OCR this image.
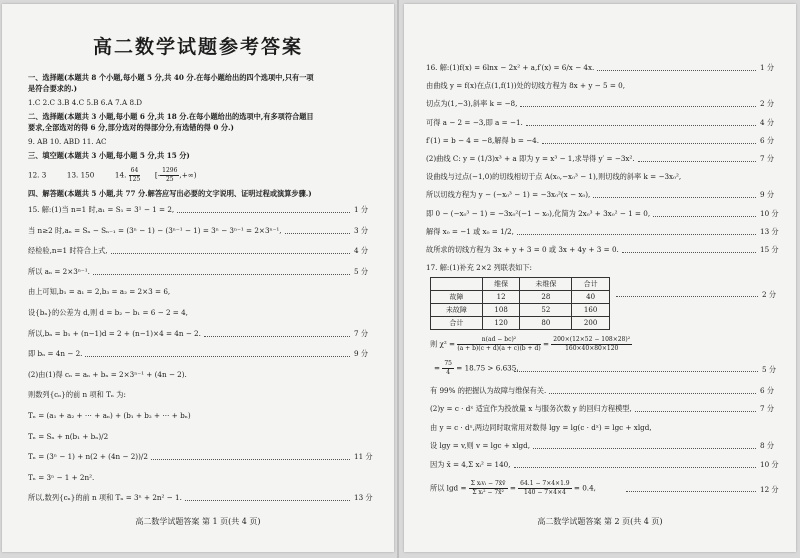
高二数学试题参考答案
一、选择题(本题共 8 个小题,每小题 5 分,共 40 分.在每小题给出的四个选项中,只有一项
是符合要求的.)
1.C 2.C 3.B 4.C 5.B 6.A 7.A 8.D
二、选择题(本题共 3 小题,每小题 6 分,共 18 分.在每小题给出的选项中,有多项符合题目
要求,全部选对的得 6 分,部分选对的得部分分,有选错的得 0 分.)
9. AB 10. ABD 11. AC
三、填空题(本题共 3 小题,每小题 5 分,共 15 分)
12. 3	13. 150	14. $\frac{64}{125}$ [- $\frac{1296}{25}$ ,+∞)
四、解答题(本题共 5 小题,共 77 分.解答应写出必要的文字说明、证明过程或演算步骤.)
15. 解:(1)当 n=1 时,a₁ = S₁ = 3¹ − 1 = 2,	1 分
当 n≥2 时,aₙ = Sₙ − Sₙ₋₁ = (3ⁿ − 1) − (3ⁿ⁻¹ − 1) = 3ⁿ − 3ⁿ⁻¹ = 2×3ⁿ⁻¹,	3 分
经检验,n=1 时符合上式,	4 分
所以 aₙ = 2×3ⁿ⁻¹.	5 分
由上可知,b₁ = a₁ = 2,b₃ = a₂ = 2×3 = 6,
设{bₙ}的公差为 d,则 d = b₂ − b₁ = 6 − 2 = 4,
所以,bₙ = b₁ + (n−1)d = 2 + (n−1)×4 = 4n − 2.	7 分
即 bₙ = 4n − 2.	9 分
(2)由(1)得 cₙ = aₙ + bₙ = 2×3ⁿ⁻¹ + (4n − 2).
则数列{cₙ}的前 n 项和 Tₙ 为:
Tₙ = (a₁ + a₂ + ⋯ + aₙ) + (b₁ + b₂ + ⋯ + bₙ)
Tₙ = Sₙ + n(b₁ + bₙ)/2
Tₙ = (3ⁿ − 1) + n(2 + (4n − 2))/2	11 分
Tₙ = 3ⁿ − 1 + 2n².
所以,数列{cₙ}的前 n 项和 Tₙ = 3ⁿ + 2n² − 1.	13 分
高二数学试题答案 第 1 页(共 4 页)
16. 解:(1)f(x) = 6lnx − 2x² + a,f′(x) = 6/x − 4x.	1 分
由曲线 y = f(x)在点(1,f(1))处的切线方程为 8x + y − 5 = 0,
切点为(1,−3),斜率 k = −8,	2 分
可得 a − 2 = −3,即 a = −1.	4 分
f′(1) = b − 4 = −8,解得 b = −4.	6 分
(2)曲线 C: y = (1/3)x³ + a 即为 y = x³ − 1,求导得 y′ = −3x².	7 分
设曲线与过点(−1,0)的切线相切于点 A(x₀,−x₀³ − 1),则切线的斜率 k = −3x₀²,
所以切线方程为 y − (−x₀³ − 1) = −3x₀²(x − x₀),	9 分
即 0 − (−x₀³ − 1) = −3x₀²(−1 − x₀),化简为 2x₀³ + 3x₀² − 1 = 0,	10 分
解得 x₀ = −1 或 x₀ = 1/2,	13 分
故所求的切线方程为 3x + y + 3 = 0 或 3x + 4y + 3 = 0.	15 分
17. 解:(1)补充 2×2 列联表如下:
	维保	未维保	合计
故障	12	28	40
未故障	108	52	160
合计	120	80	200
2 分
则 $\chi^2 = \frac{\text{n(ad − bc)²}}{(a + b)(c + d)(a + c)(b + d)} = \frac{\text{200×(12×52 − 108×28)²}}{160\times 40\times 80\times 120}$
= $\frac{75}{4} = 18.75 > 6.635$,	5 分
有 99% 的把握认为故障与维保有关.	6 分
(2)y = c · dˣ 适宜作为投放量 x 与服务次数 y 的回归方程模型,	7 分
由 y = c · dˣ,两边同时取常用对数得 lgy = lg(c · dˣ) = lgc + xlgd,
设 lgy = v,则 v = lgc + xlgd,	8 分
因为 x̄ = 4,Σ xᵢ² = 140,	10 分
所以 $\lg d = \frac{\text{Σ xᵢvᵢ − 7x̄v̄}}{\text{Σ xᵢ² − 7x̄²}} = \frac{64.1 - 7\times 4\times 1.9}{140 - 7\times 4\times 4} = 0.4$,	12 分
高二数学试题答案 第 2 页(共 4 页)
